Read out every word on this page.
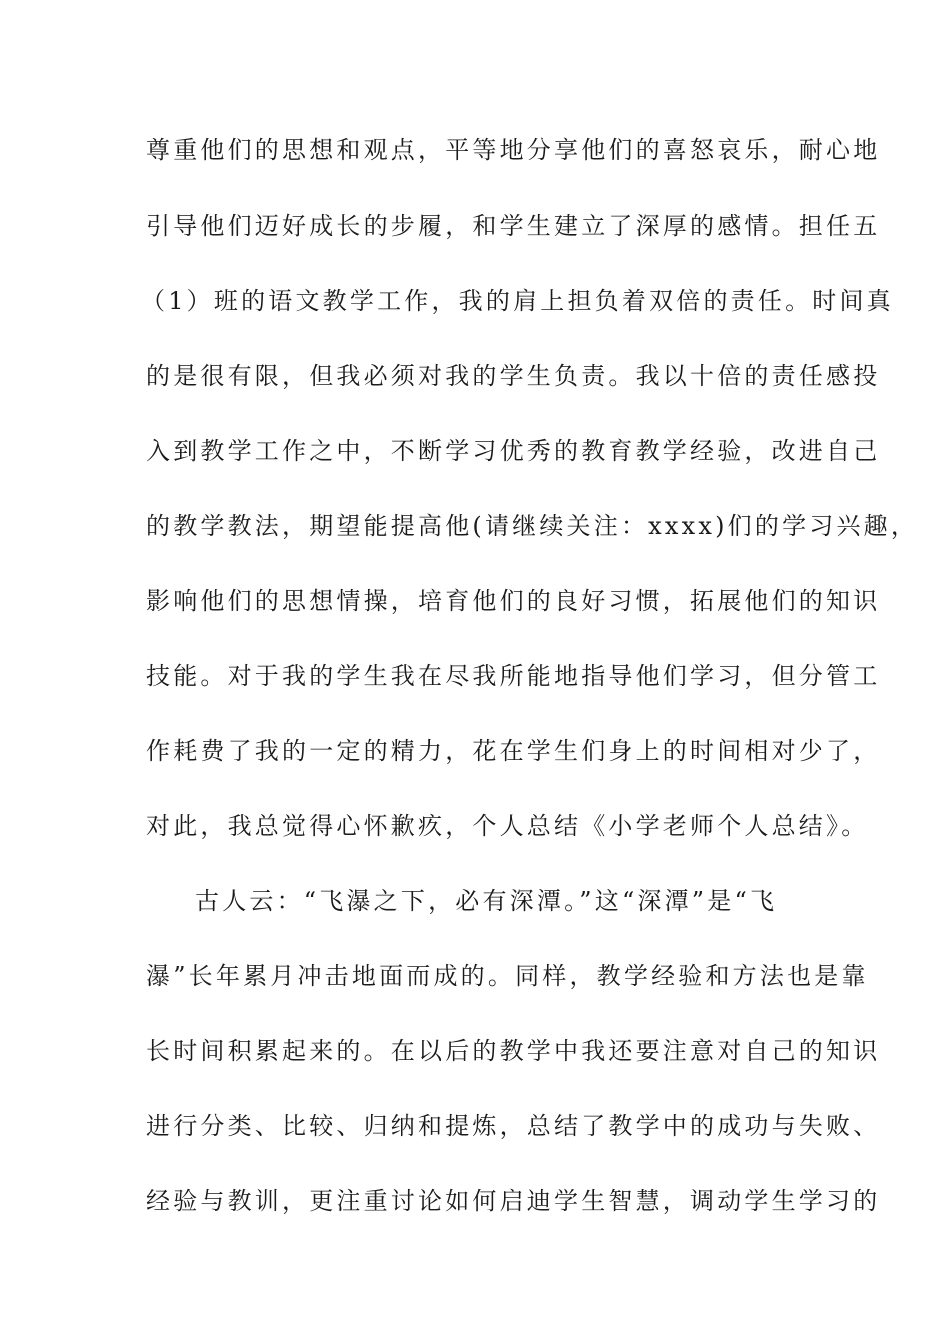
尊重他们的思想和观点，平等地分享他们的喜怒哀乐，耐心地
引导他们迈好成长的步履，和学生建立了深厚的感情。担任五
（1）班的语文教学工作，我的肩上担负着双倍的责任。时间真
的是很有限，但我必须对我的学生负责。我以十倍的责任感投
入到教学工作之中，不断学习优秀的教育教学经验，改进自己
的教学教法，期望能提高他(请继续关注：xxxx)们的学习兴趣，
影响他们的思想情操，培育他们的良好习惯，拓展他们的知识
技能。对于我的学生我在尽我所能地指导他们学习，但分管工
作耗费了我的一定的精力，花在学生们身上的时间相对少了，
对此，我总觉得心怀歉疚，个人总结《小学老师个人总结》。
古人云：“飞瀑之下，必有深潭。”这“深潭”是“飞
瀑”长年累月冲击地面而成的。同样，教学经验和方法也是靠
长时间积累起来的。在以后的教学中我还要注意对自己的知识
进行分类、比较、归纳和提炼，总结了教学中的成功与失败、
经验与教训，更注重讨论如何启迪学生智慧，调动学生学习的
